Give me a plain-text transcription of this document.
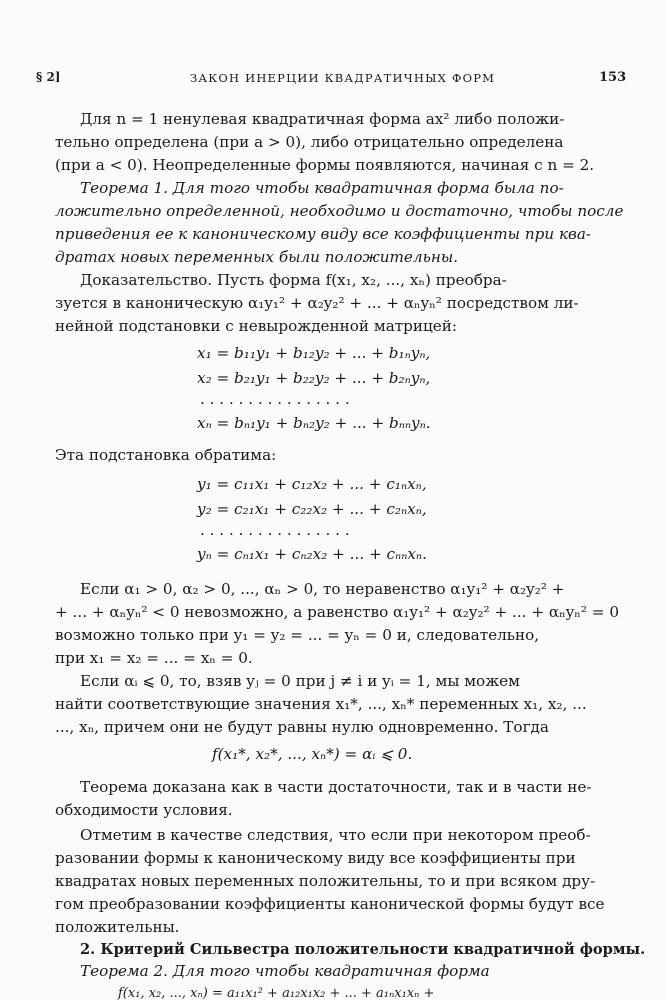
§ 2]	ЗАКОН ИНЕРЦИИ КВАДРАТИЧНЫХ ФОРМ	153
Для n = 1 ненулевая квадратичная форма ax² либо положи-
тельно определена (при a > 0), либо отрицательно определена
(при a < 0). Неопределенные формы появляются, начиная с n = 2.
Теорема 1. Для того чтобы квадратичная форма была по-
ложительно определенной, необходимо и достаточно, чтобы после
приведения ее к каноническому виду все коэффициенты при ква-
дратах новых переменных были положительны.
Доказательство. Пусть форма f(x₁, x₂, ..., xₙ) преобра-
зуется в каноническую α₁y₁² + α₂y₂² + ... + αₙyₙ² посредством ли-
нейной подстановки с невырожденной матрицей:
x₁ = b₁₁y₁ + b₁₂y₂ + ... + b₁ₙyₙ,
x₂ = b₂₁y₁ + b₂₂y₂ + ... + b₂ₙyₙ,
. . . . . . . . . . . . . . . .
xₙ = bₙ₁y₁ + bₙ₂y₂ + ... + bₙₙyₙ.
Эта подстановка обратима:
y₁ = c₁₁x₁ + c₁₂x₂ + ... + c₁ₙxₙ,
y₂ = c₂₁x₁ + c₂₂x₂ + ... + c₂ₙxₙ,
. . . . . . . . . . . . . . . .
yₙ = cₙ₁x₁ + cₙ₂x₂ + ... + cₙₙxₙ.
Если α₁ > 0, α₂ > 0, ..., αₙ > 0, то неравенство α₁y₁² + α₂y₂² +
+ ... + αₙyₙ² < 0 невозможно, а равенство α₁y₁² + α₂y₂² + ... + αₙyₙ² = 0
возможно только при y₁ = y₂ = ... = yₙ = 0 и, следовательно,
при x₁ = x₂ = ... = xₙ = 0.
Если αᵢ ⩽ 0, то, взяв yⱼ = 0 при j ≠ i и yᵢ = 1, мы можем
найти соответствующие значения x₁*, ..., xₙ* переменных x₁, x₂, ...
..., xₙ, причем они не будут равны нулю одновременно. Тогда
f(x₁*, x₂*, ..., xₙ*) = αᵢ ⩽ 0.
Теорема доказана как в части достаточности, так и в части не-
обходимости условия.
Отметим в качестве следствия, что если при некотором преоб-
разовании формы к каноническому виду все коэффициенты при
квадратах новых переменных положительны, то и при всяком дру-
гом преобразовании коэффициенты канонической формы будут все
положительны.
2. Критерий Сильвестра положительности квадратичной формы.
Теорема 2. Для того чтобы квадратичная форма
f(x₁, x₂, ..., xₙ) = a₁₁x₁² + a₁₂x₁x₂ + ... + a₁ₙx₁xₙ +
